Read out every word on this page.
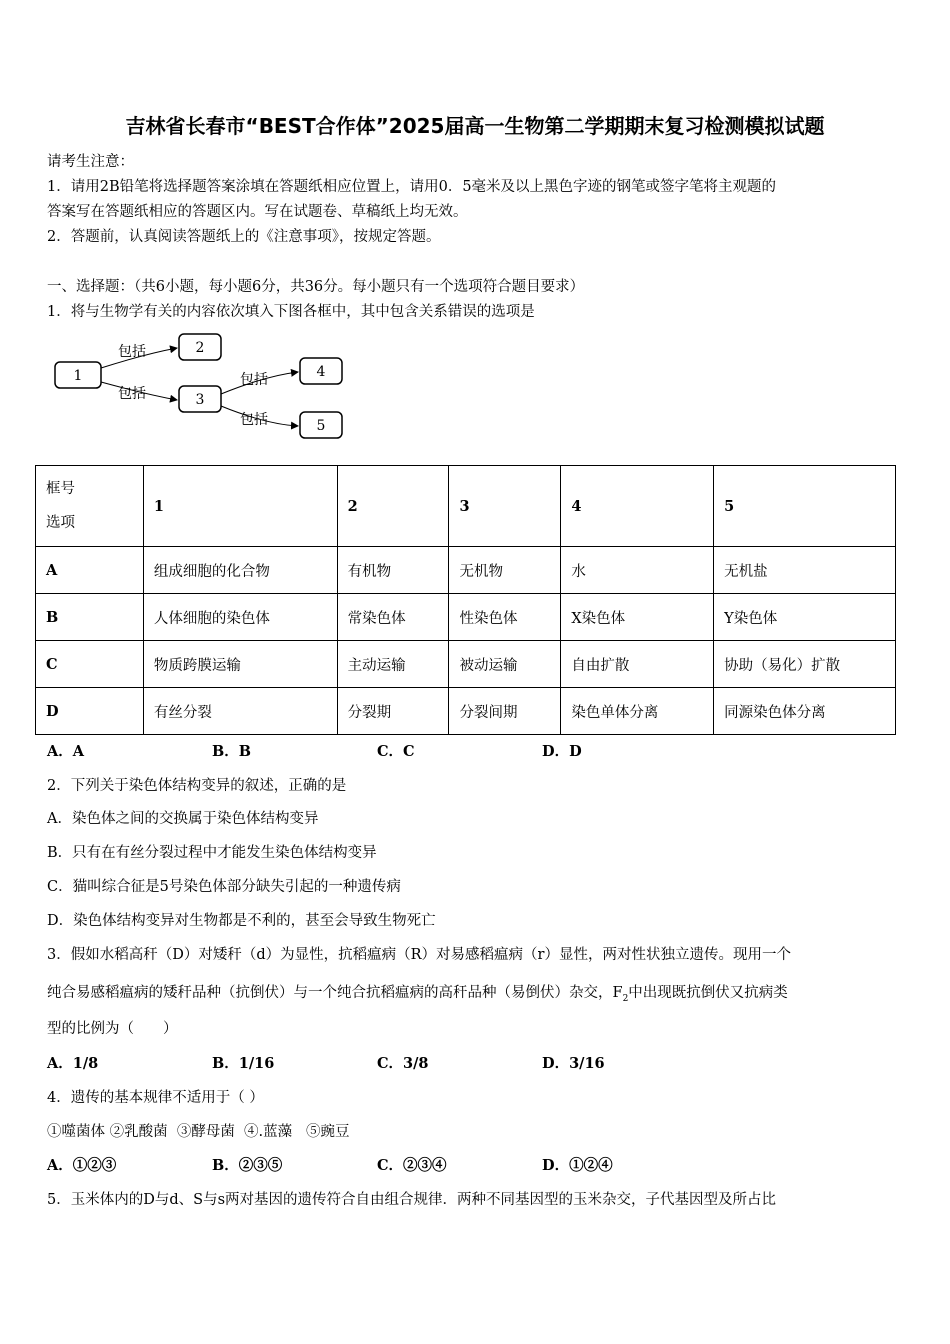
吉林省长春市“BEST合作体”2025届高一生物第二学期期末复习检测模拟试题
请考生注意：
1．请用2B铅笔将选择题答案涂填在答题纸相应位置上，请用0．5毫米及以上黑色字迹的钢笔或签字笔将主观题的
答案写在答题纸相应的答题区内。写在试题卷、草稿纸上均无效。
2．答题前，认真阅读答题纸上的《注意事项》，按规定答题。
一、选择题：（共6小题，每小题6分，共36分。每小题只有一个选项符合题目要求）
1．将与生物学有关的内容依次填入下图各框中，其中包含关系错误的选项是
1
2
3
4
5
包括
包括
包括
包括
框号
选项	1	2	3	4	5
A	组成细胞的化合物	有机物	无机物	水	无机盐
B	人体细胞的染色体	常染色体	性染色体	X染色体	Y染色体
C	物质跨膜运输	主动运输	被动运输	自由扩散	协助（易化）扩散
D	有丝分裂	分裂期	分裂间期	染色单体分离	同源染色体分离
A．A	B．B	C．C	D．D
2．下列关于染色体结构变异的叙述，正确的是
A．染色体之间的交换属于染色体结构变异
B．只有在有丝分裂过程中才能发生染色体结构变异
C．猫叫综合征是5号染色体部分缺失引起的一种遗传病
D．染色体结构变异对生物都是不利的，甚至会导致生物死亡
3．假如水稻高秆（D）对矮秆（d）为显性，抗稻瘟病（R）对易感稻瘟病（r）显性，两对性状独立遗传。现用一个
纯合易感稻瘟病的矮秆品种（抗倒伏）与一个纯合抗稻瘟病的高秆品种（易倒伏）杂交，$F_2$中出现既抗倒伏又抗病类
型的比例为（　　）
A．1/8	B．1/16	C．3/8	D．3/16
4．遗传的基本规律不适用于（ ）
①噬菌体 ②乳酸菌  ③酵母菌  ④.蓝藻   ⑤豌豆
A．①②③	B．②③⑤	C．②③④	D．①②④
5．玉米体内的D与d、S与s两对基因的遗传符合自由组合规律．两种不同基因型的玉米杂交，子代基因型及所占比
